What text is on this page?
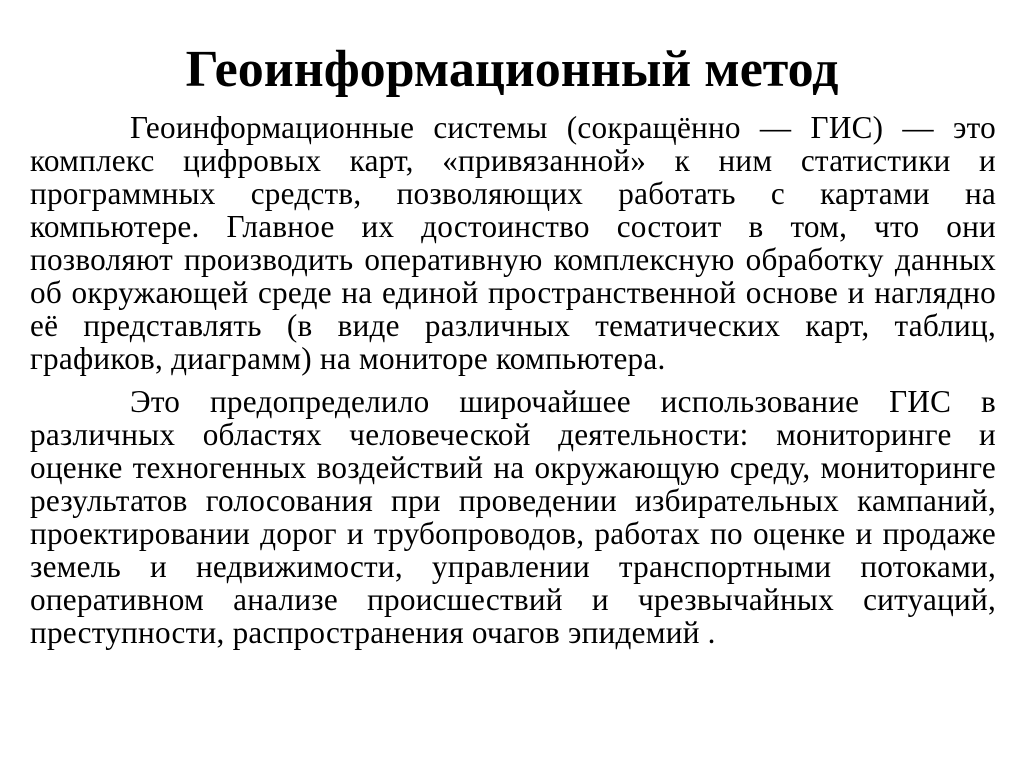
Геоинформационный метод

Геоинформационные системы (сокращённо — ГИС) — это комплекс цифровых карт, «привязанной» к ним статистики и программных средств, позволяющих работать с картами на компьютере. Главное их достоинство состоит в том, что они позволяют производить оперативную комплексную обработку данных об окружающей среде на единой пространственной основе и наглядно её представлять (в виде различных тематических карт, таблиц, графиков, диаграмм) на мониторе компьютера.

Это предопределило широчайшее использование ГИС в различных областях человеческой деятельности: мониторинге и оценке техногенных воздействий на окружающую среду, мониторинге результатов голосования при проведении избирательных кампаний, проектировании дорог и трубопроводов, работах по оценке и продаже земель и недвижимости, управлении транспортными потоками, оперативном анализе происшествий и чрезвычайных ситуаций, преступности, распространения очагов эпидемий .
